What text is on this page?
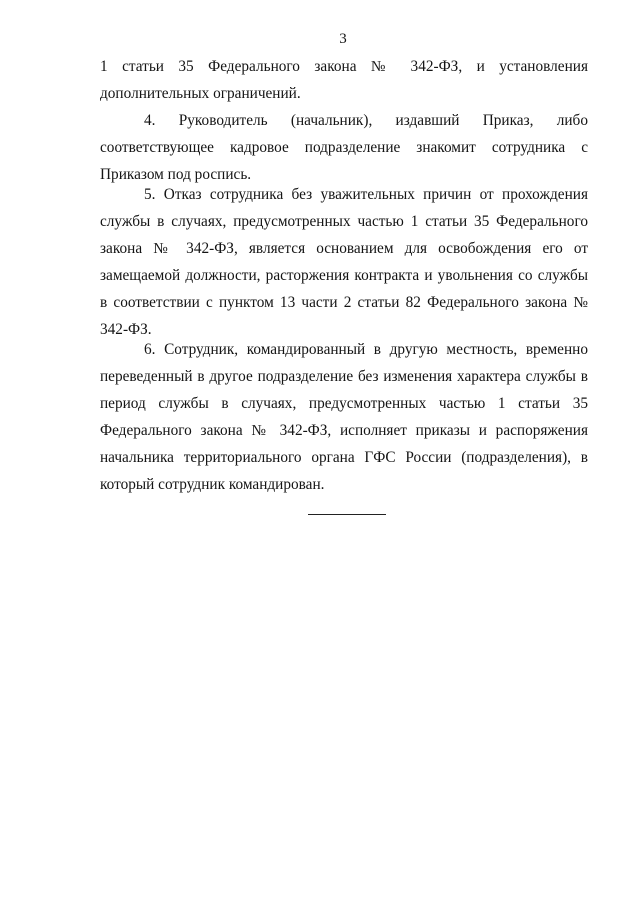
3

1 статьи 35 Федерального закона № 342-ФЗ, и установления дополнительных ограничений.

4. Руководитель (начальник), издавший Приказ, либо соответствующее кадровое подразделение знакомит сотрудника с Приказом под роспись.

5. Отказ сотрудника без уважительных причин от прохождения службы в случаях, предусмотренных частью 1 статьи 35 Федерального закона № 342-ФЗ, является основанием для освобождения его от замещаемой должности, расторжения контракта и увольнения со службы в соответствии с пунктом 13 части 2 статьи 82 Федерального закона № 342-ФЗ.

6. Сотрудник, командированный в другую местность, временно переведенный в другое подразделение без изменения характера службы в период службы в случаях, предусмотренных частью 1 статьи 35 Федерального закона № 342-ФЗ, исполняет приказы и распоряжения начальника территориального органа ГФС России (подразделения), в который сотрудник командирован.
